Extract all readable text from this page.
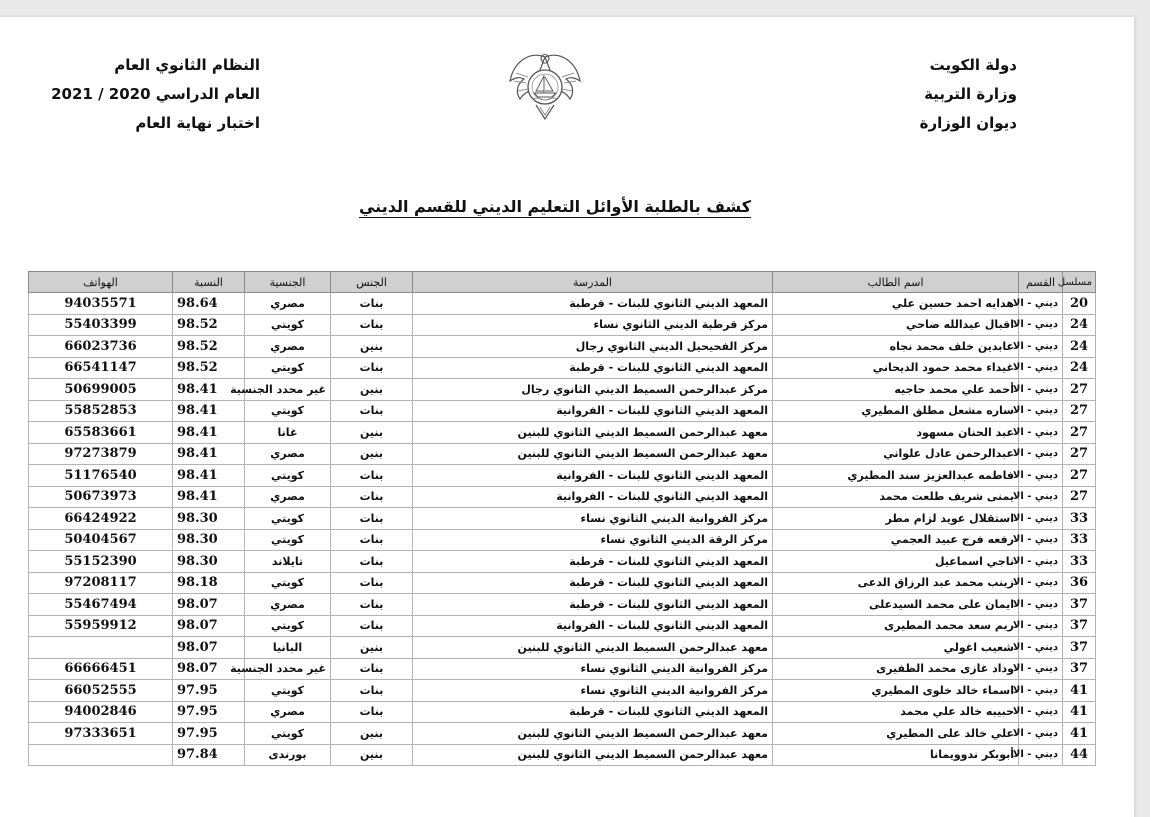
دولة الكويت
وزارة التربية
ديوان الوزارة
النظام الثانوي العام
العام الدراسي 2020 / 2021
اختبار نهاية العام
كشف بالطلبة الأوائل التعليم الديني للقسم الديني
مسلسل	القسم	اسم الطالب	المدرسة	الجنس	الجنسية	النسبة	الهواتف
20	ديني - الا	هدايه احمد حسين علي	المعهد الديني الثانوي للبنات - قرطبة	بنات	مصري	98.64	94035571
24	ديني - الا	اقبال عبدالله ضاحي	مركز قرطبة الديني الثانوي نساء	بنات	كويتي	98.52	55403399
24	ديني - الا	عابدين خلف محمد نجاه	مركز الفحيحيل الديني الثانوي رجال	بنين	مصري	98.52	66023736
24	ديني - الا	غيداء محمد حمود الديحاني	المعهد الديني الثانوي للبنات - قرطبة	بنات	كويتي	98.52	66541147
27	ديني - الا	أحمد علي محمد حاجيه	مركز عبدالرحمن السميط الديني الثانوي رجال	بنين	غير محدد الجنسية	98.41	50699005
27	ديني - الا	ساره مشعل مطلق المطيري	المعهد الديني الثانوي للبنات - الفروانية	بنات	كويتي	98.41	55852853
27	ديني - الا	عبد الحنان مسهود	معهد عبدالرحمن السميط الديني الثانوي للبنين	بنين	غانا	98.41	65583661
27	ديني - الا	عبدالرحمن عادل علواني	معهد عبدالرحمن السميط الديني الثانوي للبنين	بنين	مصري	98.41	97273879
27	ديني - الا	فاطمه عبدالعزيز سند المطيري	المعهد الديني الثانوي للبنات - الفروانية	بنات	كويتي	98.41	51176540
27	ديني - الا	يمنى شريف طلعت محمد	المعهد الديني الثانوي للبنات - الفروانية	بنات	مصري	98.41	50673973
33	ديني - الا	استقلال عويد لزام مطر	مركز الفروانية الديني الثانوي نساء	بنات	كويتي	98.30	66424922
33	ديني - الا	رفعه فرج عبيد العجمي	مركز الرقة الديني الثانوي نساء	بنات	كويتي	98.30	50404567
33	ديني - الا	ناجي اسماعيل	المعهد الديني الثانوي للبنات - قرطبة	بنات	تايلاند	98.30	55152390
36	ديني - الا	زينب محمد عبد الرزاق الدعى	المعهد الديني الثانوي للبنات - قرطبة	بنات	كويتي	98.18	97208117
37	ديني - الا	ايمان على محمد السيدعلى	المعهد الديني الثانوي للبنات - قرطبة	بنات	مصري	98.07	55467494
37	ديني - الا	ريم سعد محمد المطيرى	المعهد الديني الثانوي للبنات - الفروانية	بنات	كويتي	98.07	55959912
37	ديني - الا	شعيب اغولي	معهد عبدالرحمن السميط الديني الثانوي للبنين	بنين	البانيا	98.07	
37	ديني - الا	وداد غازى محمد الظفيرى	مركز الفروانية الديني الثانوي نساء	بنات	غير محدد الجنسية	98.07	66666451
41	ديني - الا	اسماء خالد خلوى المطيري	مركز الفروانية الديني الثانوي نساء	بنات	كويتي	97.95	66052555
41	ديني - الا	حبيبه خالد علي محمد	المعهد الديني الثانوي للبنات - قرطبة	بنات	مصري	97.95	94002846
41	ديني - الا	علي خالد على المطيري	معهد عبدالرحمن السميط الديني الثانوي للبنين	بنين	كويتي	97.95	97333651
44	ديني - الا	أبوبكر ندوويمانا	معهد عبدالرحمن السميط الديني الثانوي للبنين	بنين	بورندى	97.84	
